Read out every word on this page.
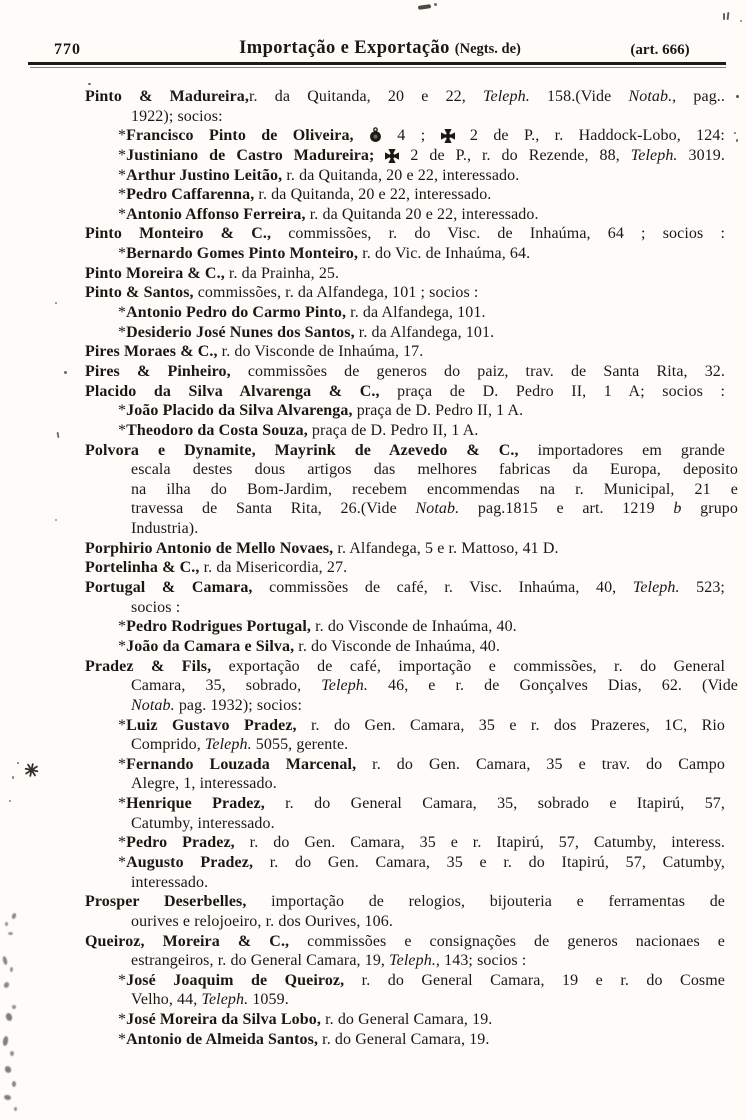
770	Importação e Exportação (Negts. de)	(art. 666)
Pinto & Madureira,r. da Quitanda, 20 e 22, Teleph. 158.(Vide Notab., pag..
1922); socios:
*Francisco Pinto de Oliveira,	4 ;
2 de P., r. Haddock-Lobo, 124:
*Justiniano de Castro Madureira;
2 de P., r. do Rezende, 88, Teleph. 3019.
*Arthur Justino Leitão, r. da Quitanda, 20 e 22, interessado.
*Pedro Caffarenna, r. da Quitanda, 20 e 22, interessado.
*Antonio Affonso Ferreira, r. da Quitanda 20 e 22, interessado.
Pinto Monteiro & C., commissões, r. do Visc. de Inhaúma, 64 ; socios :
*Bernardo Gomes Pinto Monteiro, r. do Vic. de Inhaúma, 64.
Pinto Moreira & C., r. da Prainha, 25.
Pinto & Santos, commissões, r. da Alfandega, 101 ; socios :
*Antonio Pedro do Carmo Pinto, r. da Alfandega, 101.
*Desiderio José Nunes dos Santos, r. da Alfandega, 101.
Pires Moraes & C., r. do Visconde de Inhaúma, 17.
Pires & Pinheiro, commissões de generos do paiz, trav. de Santa Rita, 32.
Placido da Silva Alvarenga & C., praça de D. Pedro II, 1 A; socios :
*João Placido da Silva Alvarenga, praça de D. Pedro II, 1 A.
*Theodoro da Costa Souza, praça de D. Pedro II, 1 A.
Polvora e Dynamite, Mayrink de Azevedo & C., importadores em grande
escala destes dous artigos das melhores fabricas da Europa, deposito
na ilha do Bom-Jardim, recebem encommendas na r. Municipal, 21 e
travessa de Santa Rita, 26.(Vide Notab. pag.1815 e art. 1219 b grupo
Industria).
Porphirio Antonio de Mello Novaes, r. Alfandega, 5 e r. Mattoso, 41 D.
Portelinha & C., r. da Misericordia, 27.
Portugal & Camara, commissões de café, r. Visc. Inhaúma, 40, Teleph. 523;
socios :
*Pedro Rodrigues Portugal, r. do Visconde de Inhaúma, 40.
*João da Camara e Silva, r. do Visconde de Inhaúma, 40.
Pradez & Fils, exportação de café, importação e commissões, r. do General
Camara, 35, sobrado, Teleph. 46, e r. de Gonçalves Dias, 62. (Vide
Notab. pag. 1932); socios:
*Luiz Gustavo Pradez, r. do Gen. Camara, 35 e r. dos Prazeres, 1C, Rio
Comprido, Teleph. 5055, gerente.
*Fernando Louzada Marcenal, r. do Gen. Camara, 35 e trav. do Campo
Alegre, 1, interessado.
*Henrique Pradez, r. do General Camara, 35, sobrado e Itapirú, 57,
Catumby, interessado.
*Pedro Pradez, r. do Gen. Camara, 35 e r. Itapirú, 57, Catumby, interess.
*Augusto Pradez, r. do Gen. Camara, 35 e r. do Itapirú, 57, Catumby,
interessado.
Prosper Deserbelles, importação de relogios, bijouteria e ferramentas de
ourives e relojoeiro, r. dos Ourives, 106.
Queiroz, Moreira & C., commissões e consignações de generos nacionaes e
estrangeiros, r. do General Camara, 19, Teleph., 143; socios :
*José Joaquim de Queiroz, r. do General Camara, 19 e r. do Cosme
Velho, 44, Teleph. 1059.
*José Moreira da Silva Lobo, r. do General Camara, 19.
*Antonio de Almeida Santos, r. do General Camara, 19.
